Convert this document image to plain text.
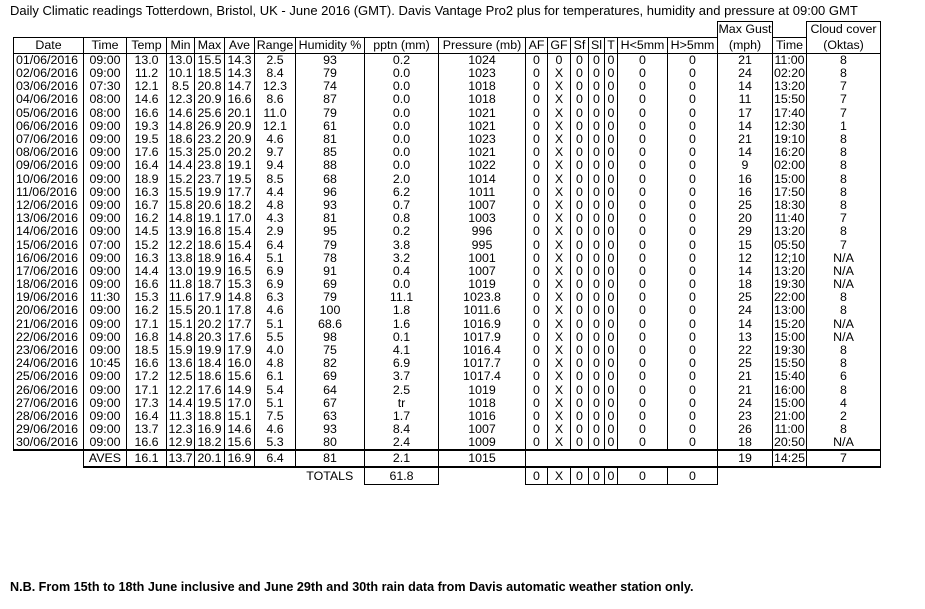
Daily Climatic readings Totterdown, Bristol, UK - June 2016 (GMT). Davis Vantage Pro2 plus for temperatures, humidity and pressure at 09:00 GMT
																	Max Gust		Cloud cover
Date	Time	Temp	Min	Max	Ave	Range	Humidity %	pptn (mm)	Pressure (mb)	AF	GF	Sf	Sl	T	H<5mm	H>5mm	(mph)	Time	(Oktas)
01/06/2016	09:00	13.0	13.0	15.5	14.3	2.5	93	0.2	1024	0	0	0	0	0	0	0	21	11:00	8
02/06/2016	09:00	11.2	10.1	18.5	14.3	8.4	79	0.0	1023	0	X	0	0	0	0	0	24	02:20	8
03/06/2016	07:30	12.1	8.5	20.8	14.7	12.3	74	0.0	1018	0	X	0	0	0	0	0	14	13:20	7
04/06/2016	08:00	14.6	12.3	20.9	16.6	8.6	87	0.0	1018	0	X	0	0	0	0	0	11	15:50	7
05/06/2016	08:00	16.6	14.6	25.6	20.1	11.0	79	0.0	1021	0	X	0	0	0	0	0	17	17:40	7
06/06/2016	09:00	19.3	14.8	26.9	20.9	12.1	61	0.0	1021	0	X	0	0	0	0	0	14	12:30	1
07/06/2016	09:00	19.5	18.6	23.2	20.9	4.6	81	0.0	1023	0	X	0	0	0	0	0	21	19:10	8
08/06/2016	09:00	17.6	15.3	25.0	20.2	9.7	85	0.0	1021	0	X	0	0	0	0	0	14	16:20	8
09/06/2016	09:00	16.4	14.4	23.8	19.1	9.4	88	0.0	1022	0	X	0	0	0	0	0	9	02:00	8
10/06/2016	09:00	18.9	15.2	23.7	19.5	8.5	68	2.0	1014	0	X	0	0	0	0	0	16	15:00	8
11/06/2016	09:00	16.3	15.5	19.9	17.7	4.4	96	6.2	1011	0	X	0	0	0	0	0	16	17:50	8
12/06/2016	09:00	16.7	15.8	20.6	18.2	4.8	93	0.7	1007	0	X	0	0	0	0	0	25	18:30	8
13/06/2016	09:00	16.2	14.8	19.1	17.0	4.3	81	0.8	1003	0	X	0	0	0	0	0	20	11:40	7
14/06/2016	09:00	14.5	13.9	16.8	15.4	2.9	95	0.2	996	0	X	0	0	0	0	0	29	13:20	8
15/06/2016	07:00	15.2	12.2	18.6	15.4	6.4	79	3.8	995	0	X	0	0	0	0	0	15	05:50	7
16/06/2016	09:00	16.3	13.8	18.9	16.4	5.1	78	3.2	1001	0	X	0	0	0	0	0	12	12;10	N/A
17/06/2016	09:00	14.4	13.0	19.9	16.5	6.9	91	0.4	1007	0	X	0	0	0	0	0	14	13:20	N/A
18/06/2016	09:00	16.6	11.8	18.7	15.3	6.9	69	0.0	1019	0	X	0	0	0	0	0	18	19:30	N/A
19/06/2016	11:30	15.3	11.6	17.9	14.8	6.3	79	11.1	1023.8	0	X	0	0	0	0	0	25	22:00	8
20/06/2016	09:00	16.2	15.5	20.1	17.8	4.6	100	1.8	1011.6	0	X	0	0	0	0	0	24	13:00	8
21/06/2016	09:00	17.1	15.1	20.2	17.7	5.1	68.6	1.6	1016.9	0	X	0	0	0	0	0	14	15:20	N/A
22/06/2016	09:00	16.8	14.8	20.3	17.6	5.5	98	0.1	1017.9	0	X	0	0	0	0	0	13	15:00	N/A
23/06/2016	09:00	18.5	15.9	19.9	17.9	4.0	75	4.1	1016.4	0	X	0	0	0	0	0	22	19:30	8
24/06/2016	10:45	16.6	13.6	18.4	16.0	4.8	82	6.9	1017.7	0	X	0	0	0	0	0	25	15:50	8
25/06/2016	09:00	17.2	12.5	18.6	15.6	6.1	69	3.7	1017.4	0	X	0	0	0	0	0	21	15:40	6
26/06/2016	09:00	17.1	12.2	17.6	14.9	5.4	64	2.5	1019	0	X	0	0	0	0	0	21	16:00	8
27/06/2016	09:00	17.3	14.4	19.5	17.0	5.1	67	tr	1018	0	X	0	0	0	0	0	24	15:00	4
28/06/2016	09:00	16.4	11.3	18.8	15.1	7.5	63	1.7	1016	0	X	0	0	0	0	0	23	21:00	2
29/06/2016	09:00	13.7	12.3	16.9	14.6	4.6	93	8.4	1007	0	X	0	0	0	0	0	26	11:00	8
30/06/2016	09:00	16.6	12.9	18.2	15.6	5.3	80	2.4	1009	0	X	0	0	0	0	0	18	20:50	N/A
	AVES	16.1	13.7	20.1	16.9	6.4	81	2.1	1015								19	14:25	7
							TOTALS	61.8		0	X	0	0	0	0	0			
N.B. From 15th to 18th June inclusive and June 29th and 30th rain data from Davis automatic weather station only.
